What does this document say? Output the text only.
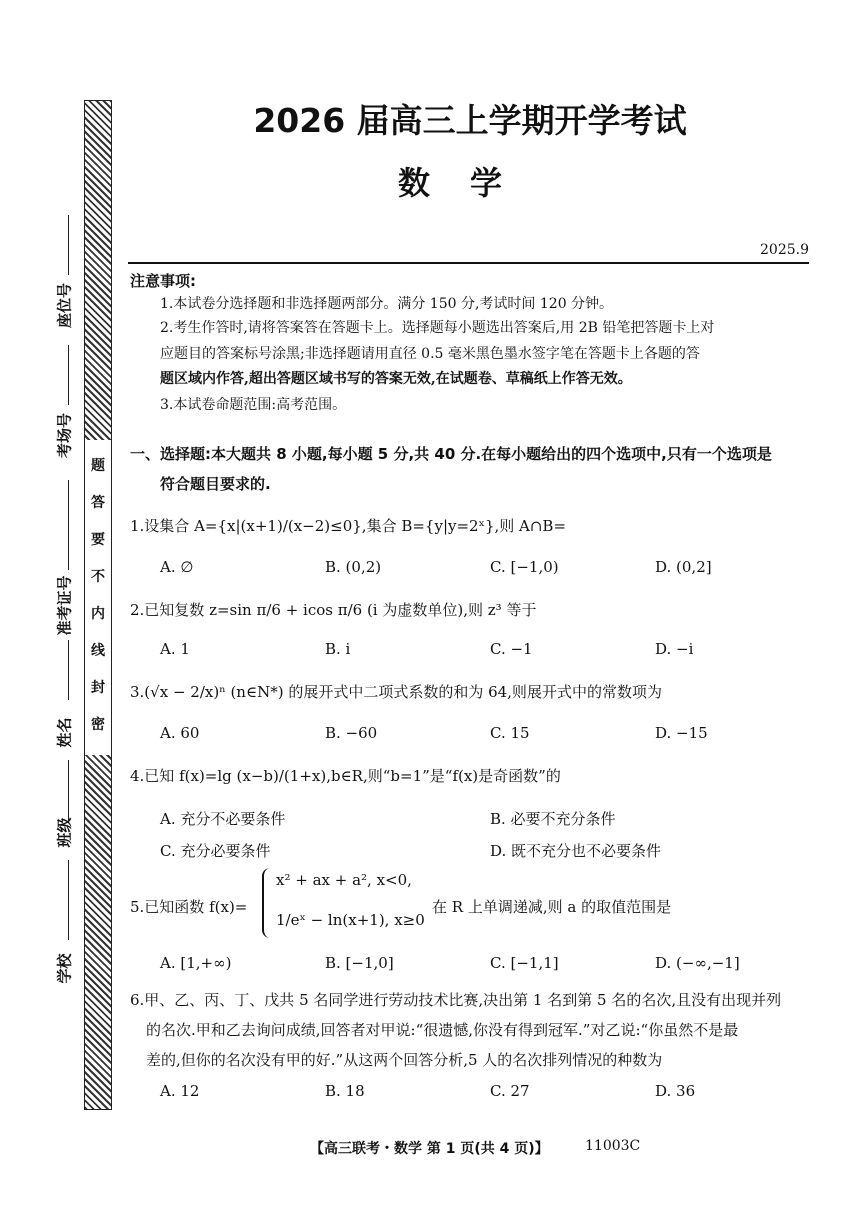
题
答
要
不
内
线
封
密
座位号
考场号
准考证号
姓名
班级
学校
2026 届高三上学期开学考试
数学
2025.9
注意事项:
1.本试卷分选择题和非选择题两部分。满分 150 分,考试时间 120 分钟。
2.考生作答时,请将答案答在答题卡上。选择题每小题选出答案后,用 2B 铅笔把答题卡上对
应题目的答案标号涂黑;非选择题请用直径 0.5 毫米黑色墨水签字笔在答题卡上各题的答
题区域内作答,超出答题区域书写的答案无效,在试题卷、草稿纸上作答无效。
3.本试卷命题范围:高考范围。
一、选择题:本大题共 8 小题,每小题 5 分,共 40 分.在每小题给出的四个选项中,只有一个选项是
符合题目要求的.
1.设集合 A={x|(x+1)/(x−2)≤0},集合 B={y|y=2ˣ},则 A∩B=
A. ∅	B. (0,2)	C. [−1,0)	D. (0,2]
2.已知复数 z=sin π/6 + icos π/6 (i 为虚数单位),则 z³ 等于
A. 1	B. i	C. −1	D. −i
3.(√x − 2/x)ⁿ (n∈N*) 的展开式中二项式系数的和为 64,则展开式中的常数项为
A. 60	B. −60	C. 15	D. −15
4.已知 f(x)=lg (x−b)/(1+x),b∈R,则“b=1”是“f(x)是奇函数”的
A. 充分不必要条件	B. 必要不充分条件
C. 充分必要条件	D. 既不充分也不必要条件
5.已知函数 f(x)=
x² + ax + a², x<0,
1/eˣ − ln(x+1), x≥0
在 R 上单调递减,则 a 的取值范围是
A. [1,+∞)	B. [−1,0]	C. [−1,1]	D. (−∞,−1]
6.甲、乙、丙、丁、戊共 5 名同学进行劳动技术比赛,决出第 1 名到第 5 名的名次,且没有出现并列
的名次.甲和乙去询问成绩,回答者对甲说:“很遗憾,你没有得到冠军.”对乙说:“你虽然不是最
差的,但你的名次没有甲的好.”从这两个回答分析,5 人的名次排列情况的种数为
A. 12	B. 18	C. 27	D. 36
【高三联考・数学 第 1 页(共 4 页)】	11003C
